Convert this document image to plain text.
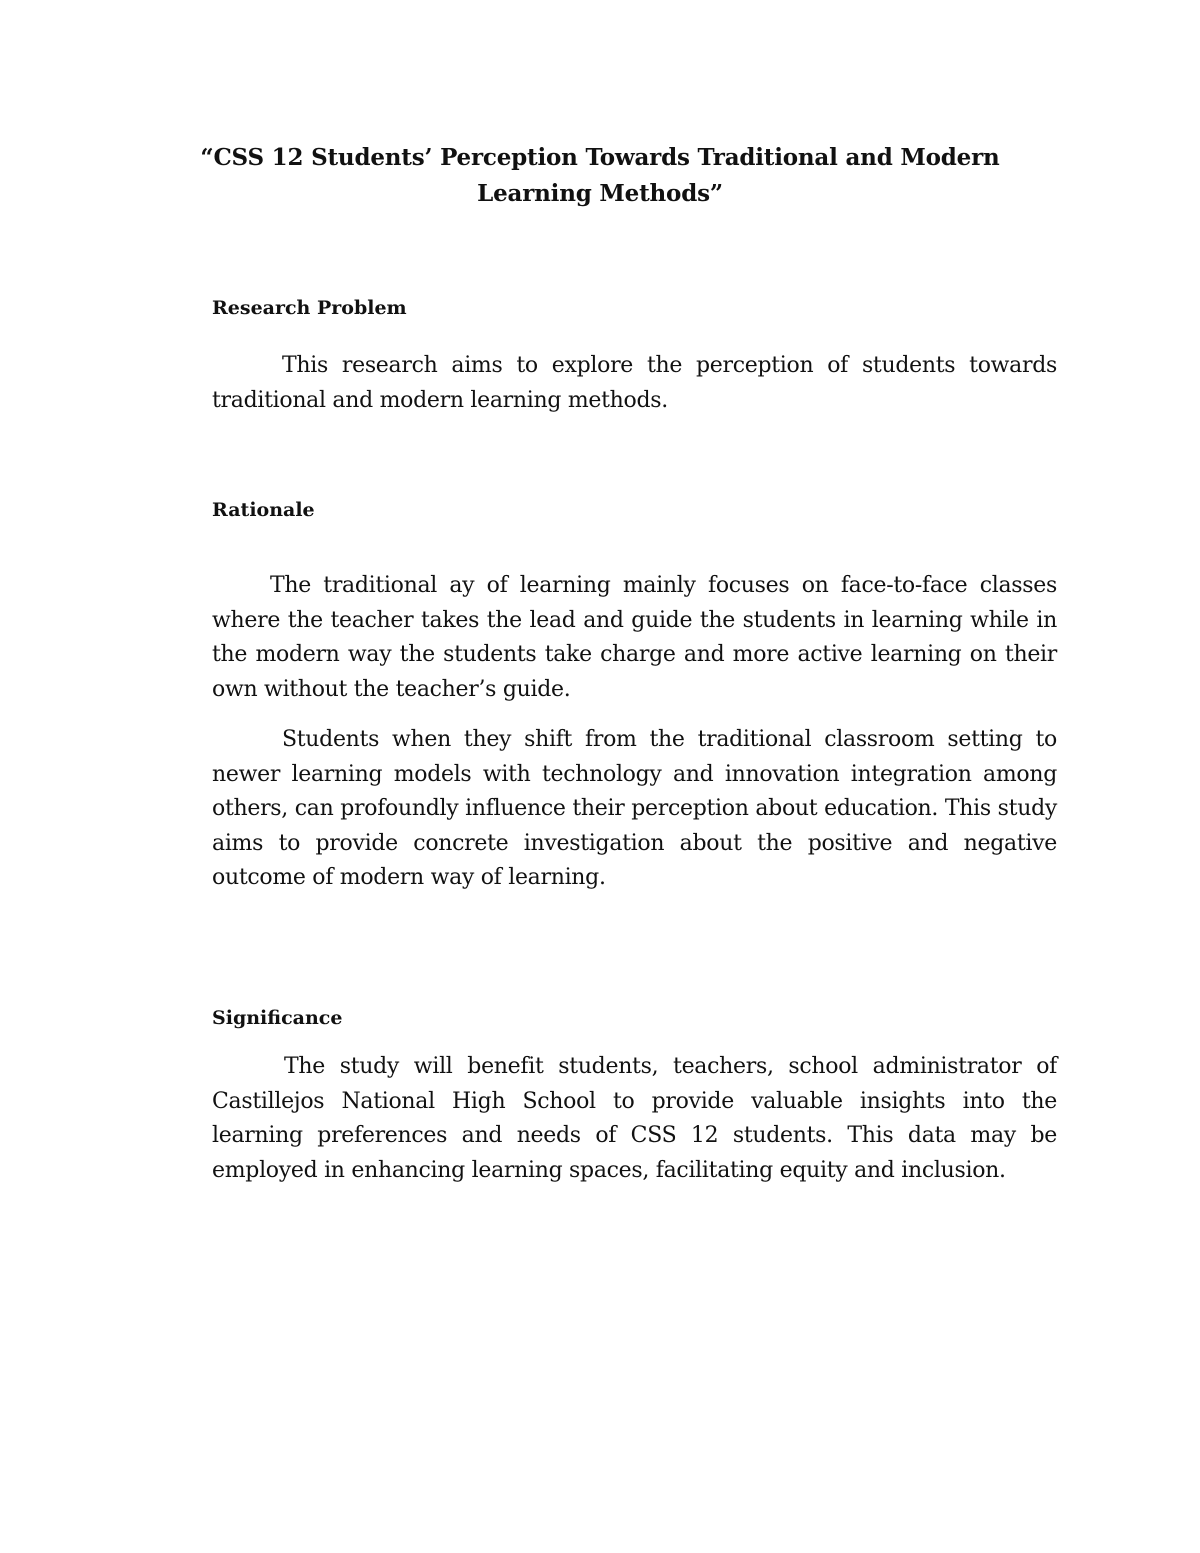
“CSS 12 Students’ Perception Towards Traditional and Modern
Learning Methods”
Research Problem

This research aims to explore the perception of students towards traditional and modern learning methods.

Rationale

The traditional ay of learning mainly focuses on face-to-face classes where the teacher takes the lead and guide the students in learning while in the modern way the students take charge and more active learning on their own without the teacher’s guide.

Students when they shift from the traditional classroom setting to newer learning models with technology and innovation integration among others, can profoundly influence their perception about education. This study aims to provide concrete investigation about the positive and negative outcome of modern way of learning.

Significance

The study will benefit students, teachers, school administrator of Castillejos National High School to provide valuable insights into the learning preferences and needs of CSS 12 students. This data may be employed in enhancing learning spaces, facilitating equity and inclusion.
